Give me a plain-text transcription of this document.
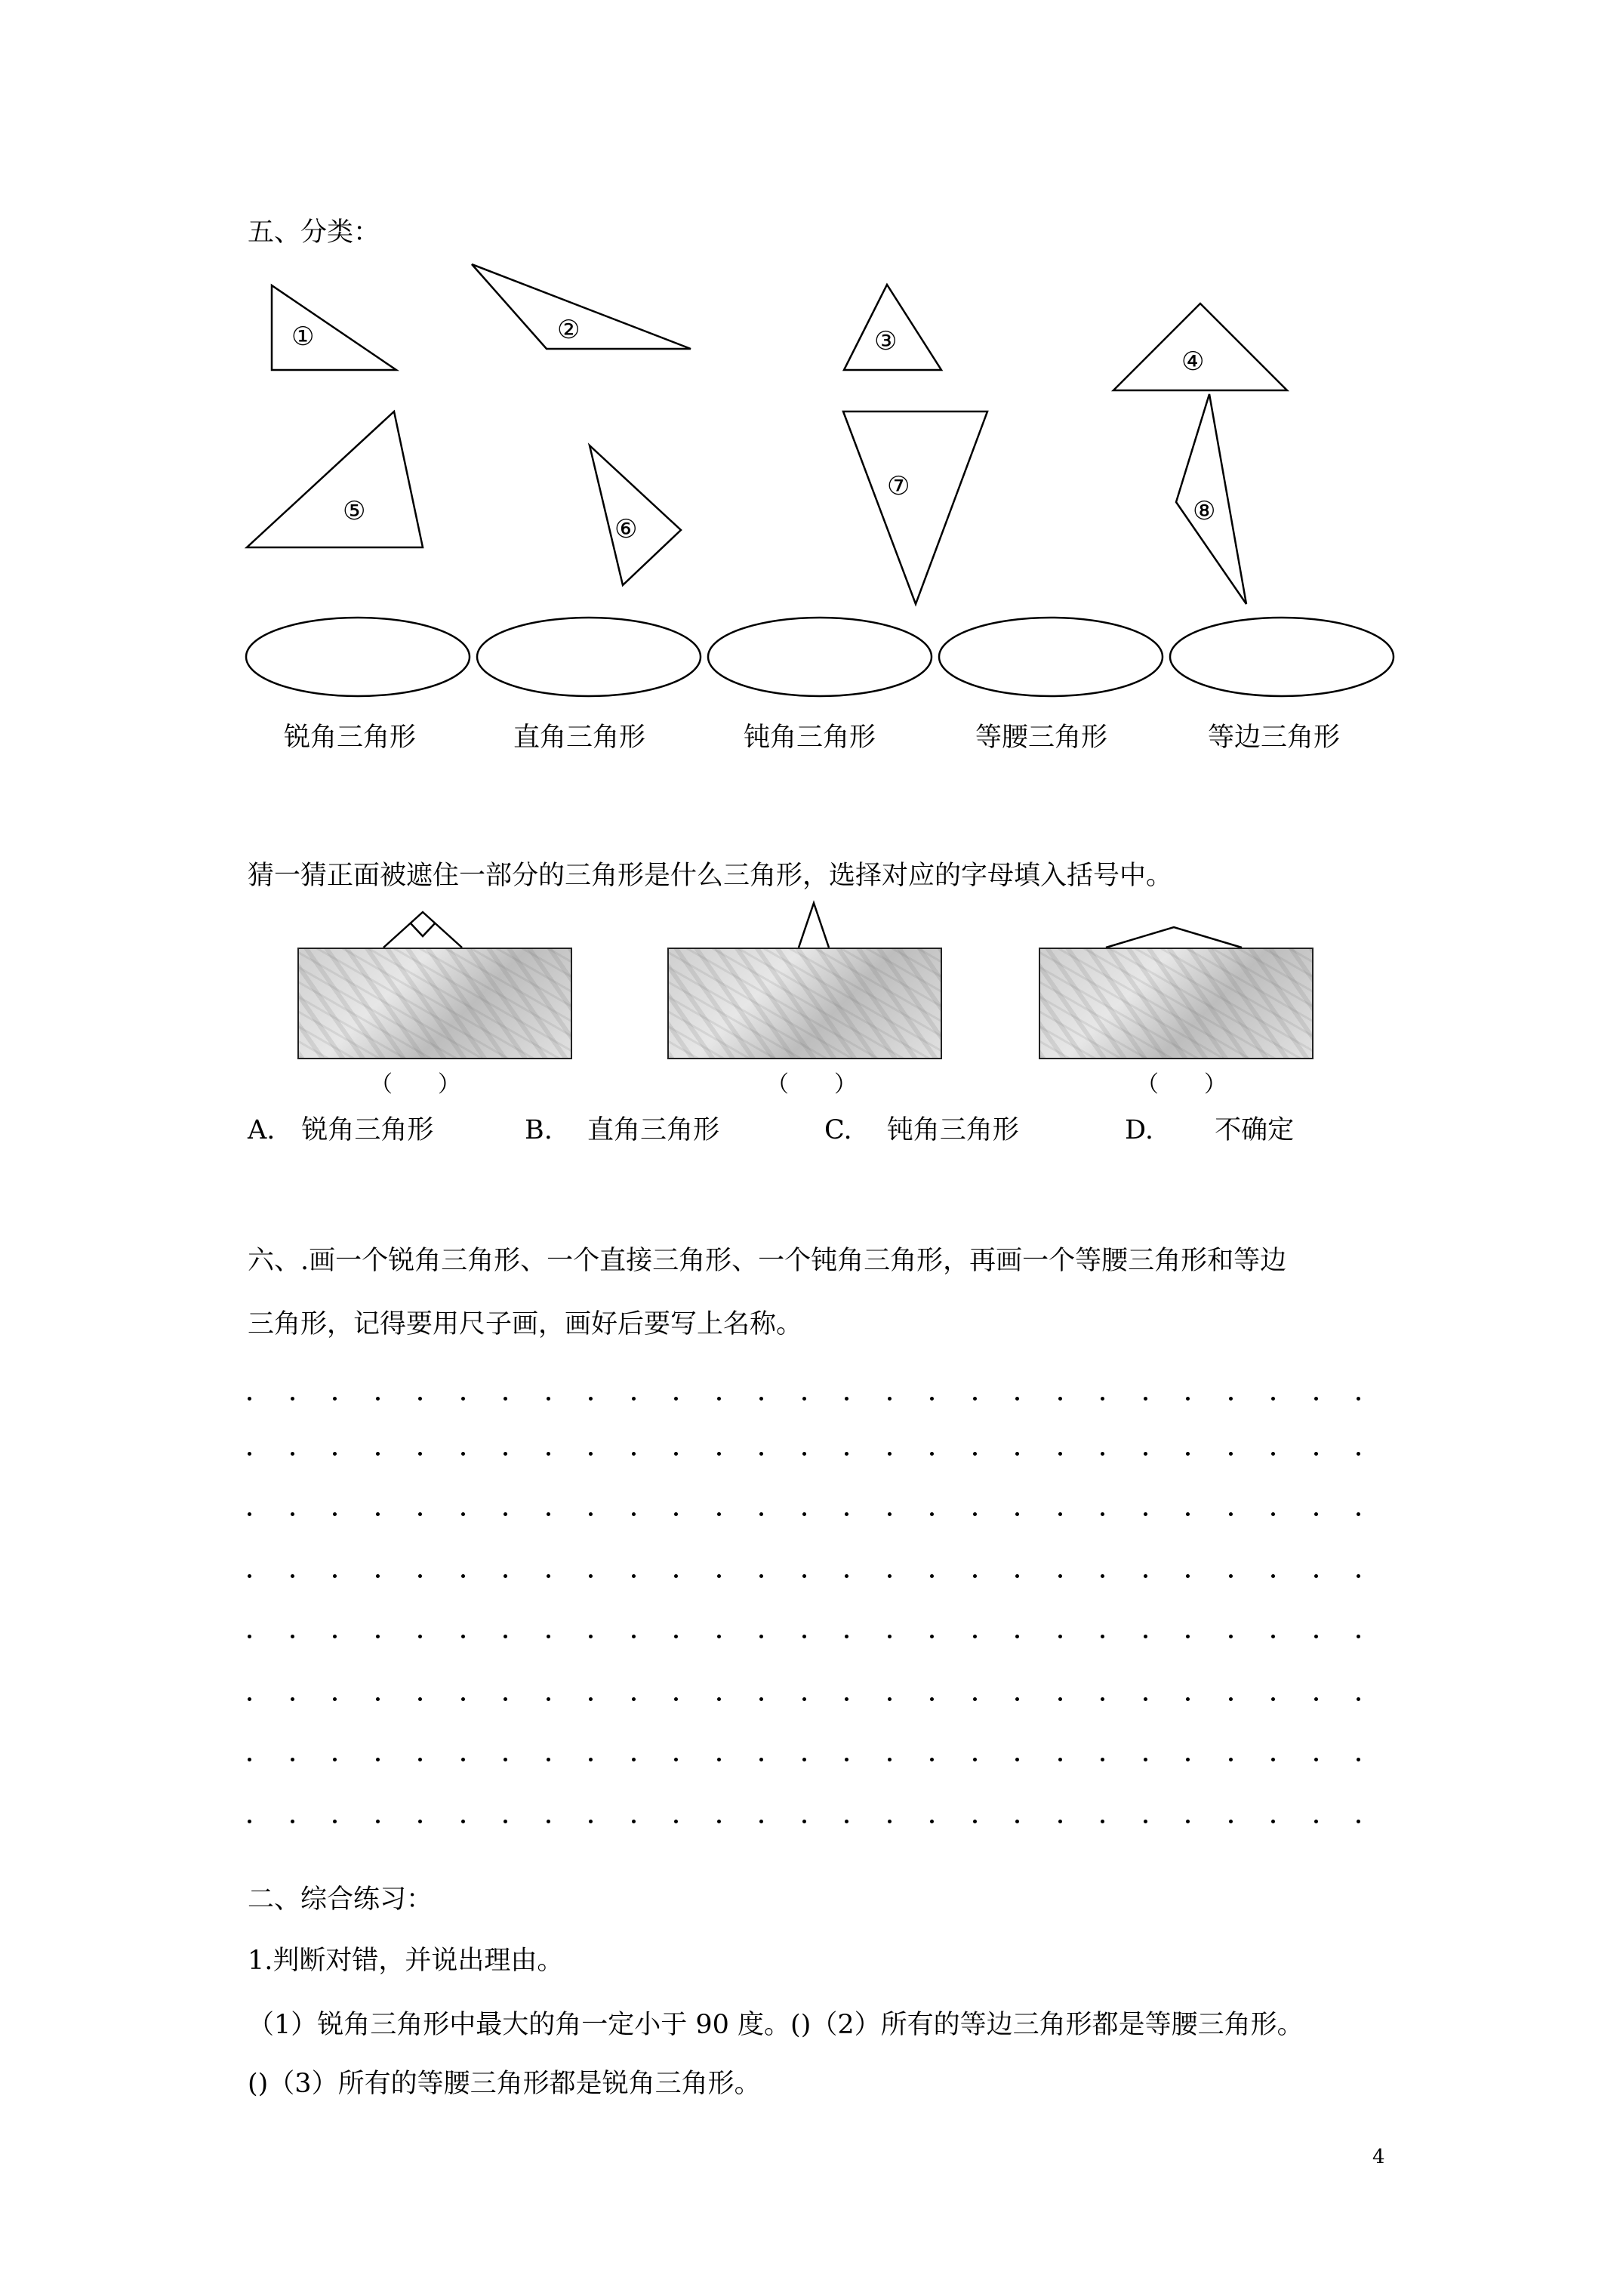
五、分类：
①	②	③
④
⑤
⑥
⑦
⑧
锐角三角形	直角三角形	钝角三角形	等腰三角形	等边三角形
猜一猜正面被遮住一部分的三角形是什么三角形，选择对应的字母填入括号中。
（　　）	（　　）	（　　）
A.　锐角三角形	B.　 直角三角形	C.　 钝角三角形	D.　　 不确定
六、.画一个锐角三角形、一个直接三角形、一个钝角三角形，再画一个等腰三角形和等边
三角形，记得要用尺子画，画好后要写上名称。
二、综合练习：
1.判断对错，并说出理由。
（1）锐角三角形中最大的角一定小于 90 度。()（2）所有的等边三角形都是等腰三角形。
()（3）所有的等腰三角形都是锐角三角形。
4
